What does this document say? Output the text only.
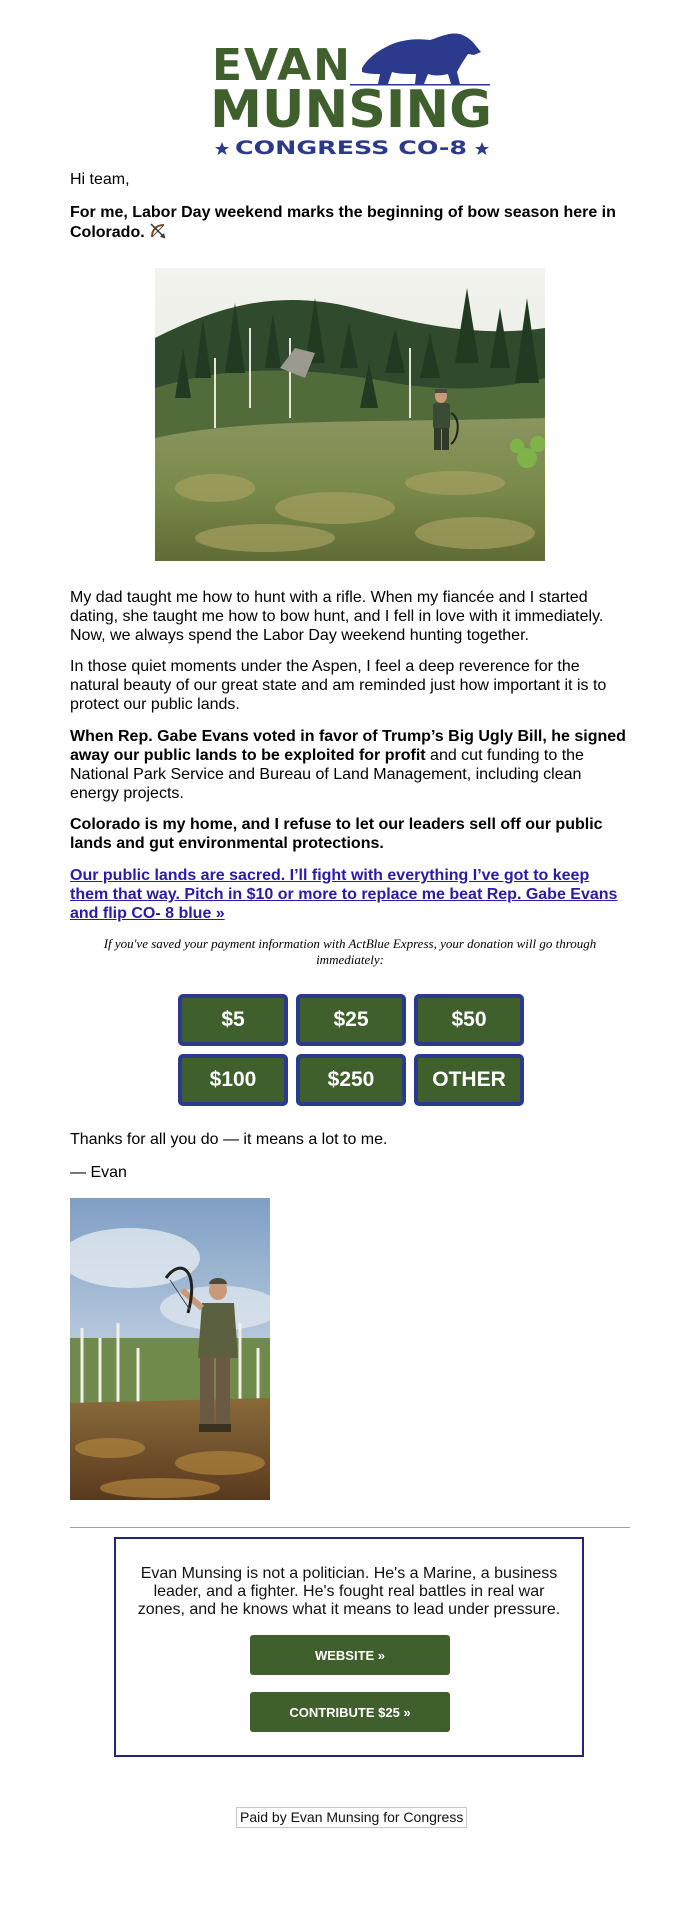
EVAN
MUNSING
CONGRESS CO-8

Hi team,

For me, Labor Day weekend marks the beginning of bow season here in Colorado.

My dad taught me how to hunt with a rifle. When my fiancée and I started dating, she taught me how to bow hunt, and I fell in love with it immediately. Now, we always spend the Labor Day weekend hunting together.

In those quiet moments under the Aspen, I feel a deep reverence for the natural beauty of our great state and am reminded just how important it is to protect our public lands.

When Rep. Gabe Evans voted in favor of Trump’s Big Ugly Bill, he signed away our public lands to be exploited for profit and cut funding to the National Park Service and Bureau of Land Management, including clean energy projects.

Colorado is my home, and I refuse to let our leaders sell off our public lands and gut environmental protections.

Our public lands are sacred. I’ll fight with everything I’ve got to keep them that way. Pitch in $10 or more to replace me beat Rep. Gabe Evans and flip CO- 8 blue »

If you've saved your payment information with ActBlue Express, your donation will go through immediately:

$5	$25	$50
$100	$250	OTHER

Thanks for all you do — it means a lot to me.

— Evan

Evan Munsing is not a politician. He's a Marine, a business leader, and a fighter. He's fought real battles in real war zones, and he knows what it means to lead under pressure.

WEBSITE »
CONTRIBUTE $25 »
Paid by Evan Munsing for Congress
